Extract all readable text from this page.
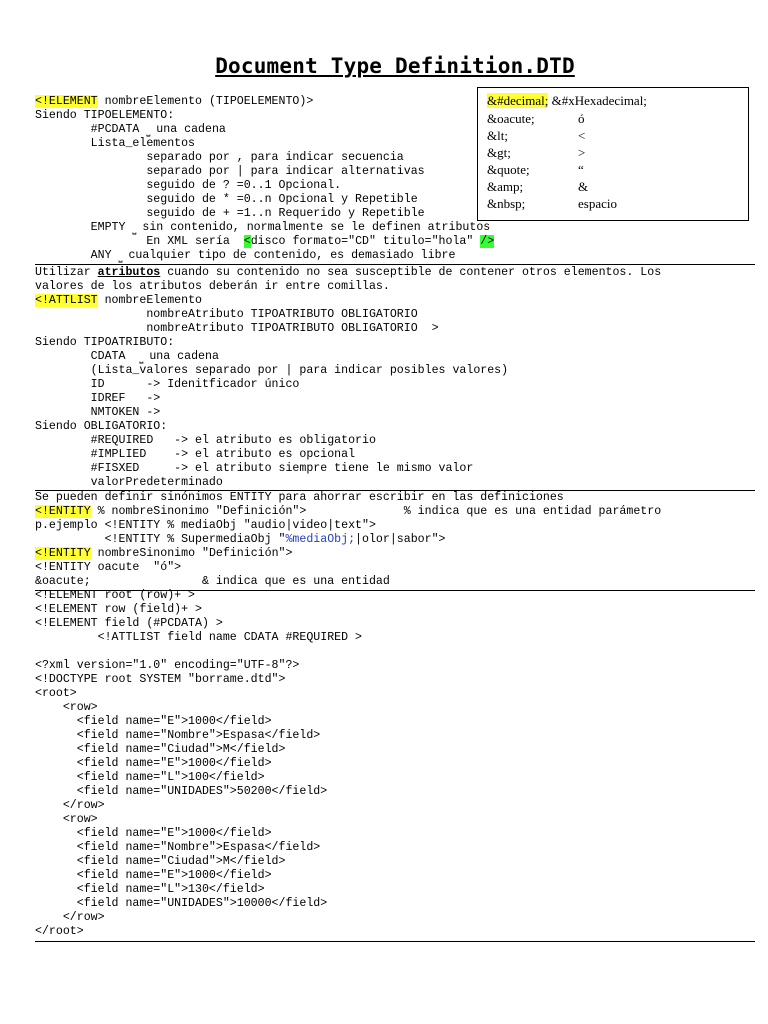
Document Type Definition.DTD
&#decimal; &#xHexadecimal;
&oacute;	ó
&lt;	<
&gt;	>
&quote;	“
&amp;	&
&nbsp;	espacio
<!ELEMENT nombreElemento (TIPOELEMENTO)>
Siendo TIPOELEMENTO:
#PCDATA ⎵ una cadena
Lista_elementos
separado por , para indicar secuencia
separado por | para indicar alternativas
seguido de ? =0..1 Opcional.
seguido de * =0..n Opcional y Repetible
seguido de + =1..n Requerido y Repetible
EMPTY ⎵ sin contenido, normalmente se le definen atributos
En XML sería  <disco formato="CD" titulo="hola" />
ANY ⎵ cualquier tipo de contenido, es demasiado libre
Utilizar atributos cuando su contenido no sea susceptible de contener otros elementos. Los
valores de los atributos deberán ir entre comillas.
<!ATTLIST nombreElemento
nombreAtributo TIPOATRIBUTO OBLIGATORIO
nombreAtributo TIPOATRIBUTO OBLIGATORIO  >
Siendo TIPOATRIBUTO:
CDATA  ⎵ una cadena
(Lista_valores separado por | para indicar posibles valores)
ID      -> Idenitficador único
IDREF   ->
NMTOKEN ->
Siendo OBLIGATORIO:
#REQUIRED   -> el atributo es obligatorio
#IMPLIED    -> el atributo es opcional
#FISXED     -> el atributo siempre tiene le mismo valor
valorPredeterminado
Se pueden definir sinónimos ENTITY para ahorrar escribir en las definiciones
<!ENTITY % nombreSinonimo "Definición">              % indica que es una entidad parámetro
p.ejemplo <!ENTITY % mediaObj "audio|video|text">
<!ENTITY % SupermediaObj "%mediaObj;|olor|sabor">
<!ENTITY nombreSinonimo "Definición">
<!ENTITY oacute  "ó">
&oacute;                & indica que es una entidad
<!ELEMENT root (row)+ >
<!ELEMENT row (field)+ >
<!ELEMENT field (#PCDATA) >
<!ATTLIST field name CDATA #REQUIRED >
<?xml version="1.0" encoding="UTF-8"?>
<!DOCTYPE root SYSTEM "borrame.dtd">
<root>
<row>
<field name="E">1000</field>
<field name="Nombre">Espasa</field>
<field name="Ciudad">M</field>
<field name="E">1000</field>
<field name="L">100</field>
<field name="UNIDADES">50200</field>
</row>
<row>
<field name="E">1000</field>
<field name="Nombre">Espasa</field>
<field name="Ciudad">M</field>
<field name="E">1000</field>
<field name="L">130</field>
<field name="UNIDADES">10000</field>
</row>
</root>
